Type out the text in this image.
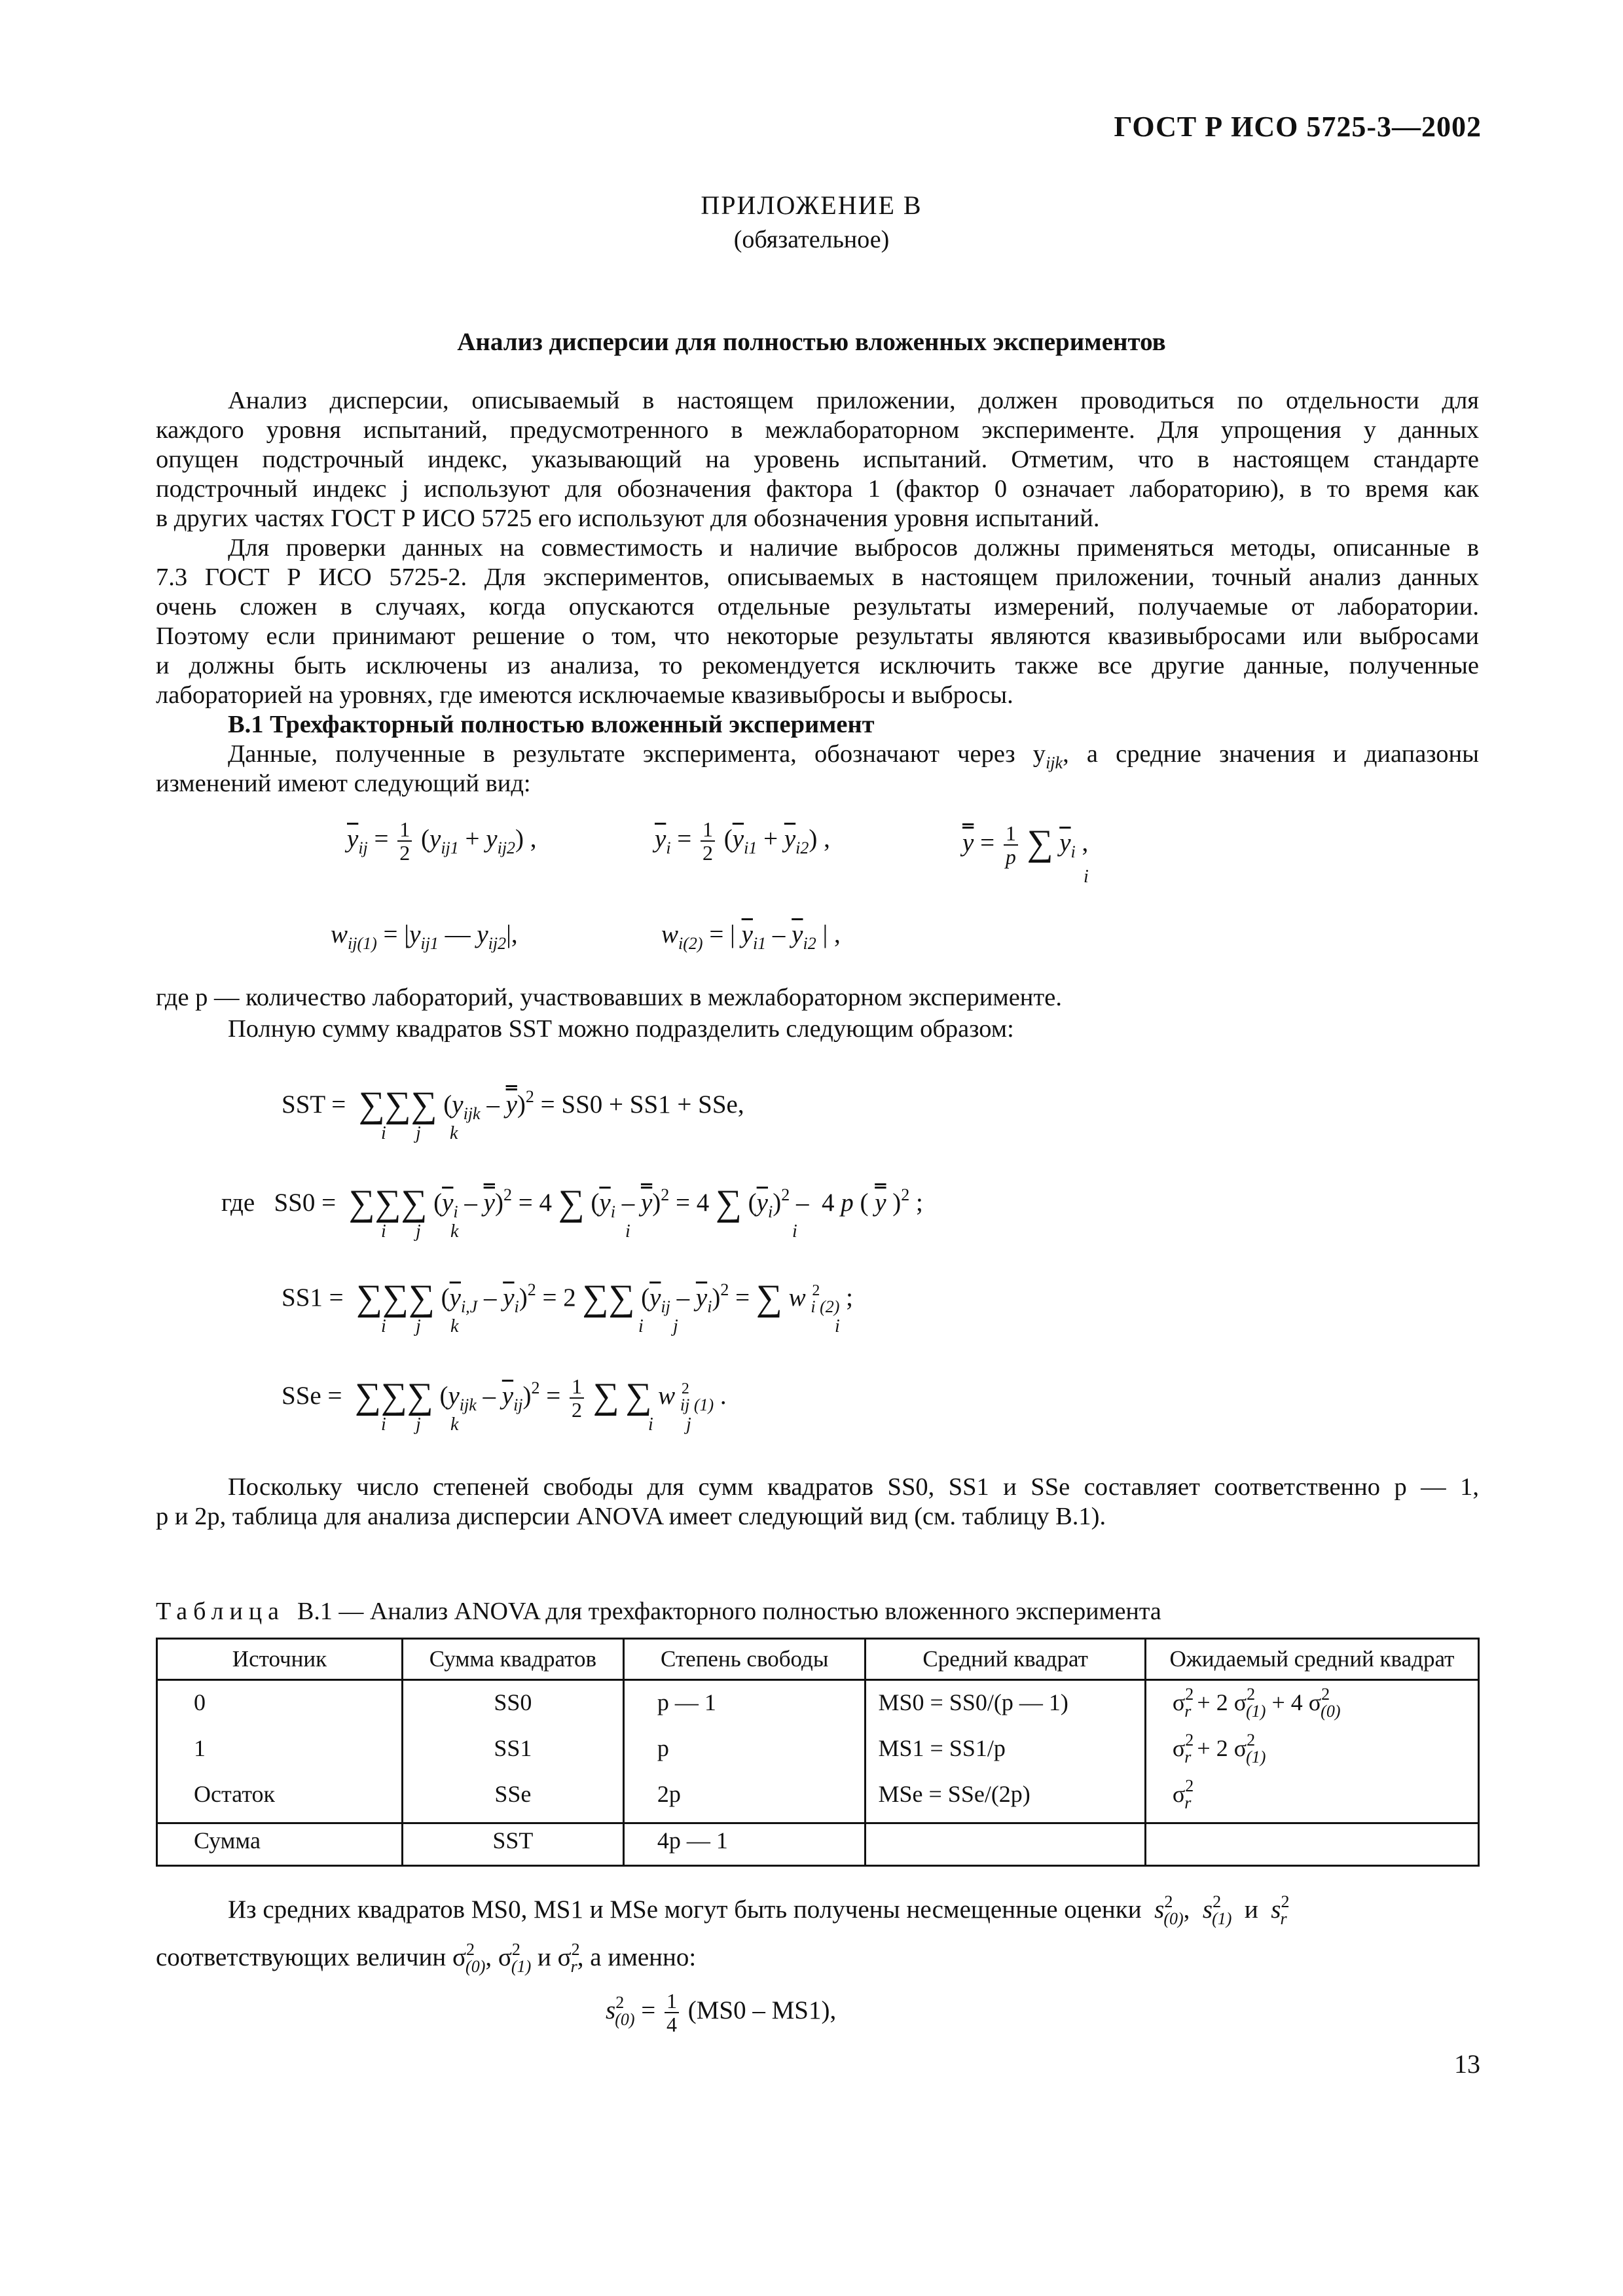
ГОСТ Р ИСО 5725-3—2002
ПРИЛОЖЕНИЕ В
(обязательное)
Анализ дисперсии для полностью вложенных экспериментов
Анализ дисперсии, описываемый в настоящем приложении, должен проводиться по отдельности для
каждого уровня испытаний, предусмотренного в межлабораторном эксперименте. Для упрощения у данных
опущен подстрочный индекс, указывающий на уровень испытаний. Отметим, что в настоящем стандарте
подстрочный индекс j используют для обозначения фактора 1 (фактор 0 означает лабораторию), в то время как
в других частях ГОСТ Р ИСО 5725 его используют для обозначения уровня испытаний.
Для проверки данных на совместимость и наличие выбросов должны применяться методы, описанные в
7.3 ГОСТ Р ИСО 5725-2. Для экспериментов, описываемых в настоящем приложении, точный анализ данных
очень сложен в случаях, когда опускаются отдельные результаты измерений, получаемые от лаборатории.
Поэтому если принимают решение о том, что некоторые результаты являются квазивыбросами или выбросами
и должны быть исключены из анализа, то рекомендуется исключить также все другие данные, полученные
лабораторией на уровнях, где имеются исключаемые квазивыбросы и выбросы.
В.1 Трехфакторный полностью вложенный эксперимент
Данные, полученные в результате эксперимента, обозначают через $y_{ijk}$, а средние значения и диапазоны
изменений имеют следующий вид:
$\overline{y}_{ij} = \frac{1}{2} (y_{ij1} + y_{ij2})$ ,	$\overline{y}_i = \frac{1}{2} (\overline{y}_{i1} + \overline{y}_{i2})$ ,	$y = \frac{1}{p}$ ∑ $\overline{y}_i$ ,
i
$w_{ij(1)} = |y_{ij1}$ — $y_{ij2}|$,	$w_{i(2)}$ = | $\overline{y}_{i1} - \overline{y}_{i2}$ | ,
где p — количество лабораторий, участвовавших в межлабораторном эксперименте.
Полную сумму квадратов SST можно подразделить следующим образом:
SST =  ∑∑∑ $(y_{ijk} - y)^2 = SS0 + SS1$ + SSe,
i j k
где   SS0 =  ∑∑∑ $(\overline{y}_i - y)^2 = 4$ ∑ $(\overline{y}_i - y)^2 = 4$ ∑ $(\overline{y}_i)^2 - 4$ p ( y )$^2$ ;
i j k	i	i
SS1 =  ∑∑∑ $(\overline{y}_{i,J} - \overline{y}_i)^2 = 2$ ∑∑ $(\overline{y}_{ij} - \overline{y}_i)^2$ = ∑ w $^2_{i (2)}$ ;
i j k	i j	i
SSe =  ∑∑∑ $(y_{ijk} - \overline{y}_{ij})^2 = \frac{1}{2}$ ∑ ∑ w $^2_{ij (1)}$ .
i j k	i j
Поскольку число степеней свободы для сумм квадратов SS0, SS1 и SSe составляет соответственно p — 1,
p и 2p, таблица для анализа дисперсии ANOVA имеет следующий вид (см. таблицу В.1).
Таблица В.1 — Анализ ANOVA для трехфакторного полностью вложенного эксперимента
Источник	Сумма квадратов	Степень свободы	Средний квадрат	Ожидаемый средний квадрат
0	SS0	p — 1	MS0 = SS0/(p — 1)	$\sigma^2_r + 2$ $\sigma^2_{(1)} + 4$ $\sigma^2_{(0)}$
1	SS1	p	MS1 = SS1/p	$\sigma^2_r + 2$ $\sigma^2_{(1)}$
Остаток	SSe	2p	MSe = SSe/(2p)	$\sigma^2_r$
Сумма	SST	4p — 1		
Из средних квадратов MS0, MS1 и MSe могут быть получены несмещенные оценки $s^2_{(0)}$,  $s^2_{(1)}$  и  $s^2_r$
соответствующих величин $\sigma^2_{(0)}$, $\sigma^2_{(1)}$ и $\sigma^2_r$, а именно:
$s^2_{(0)} = \frac{1}{4} (MS0 - MS1)$,
13
